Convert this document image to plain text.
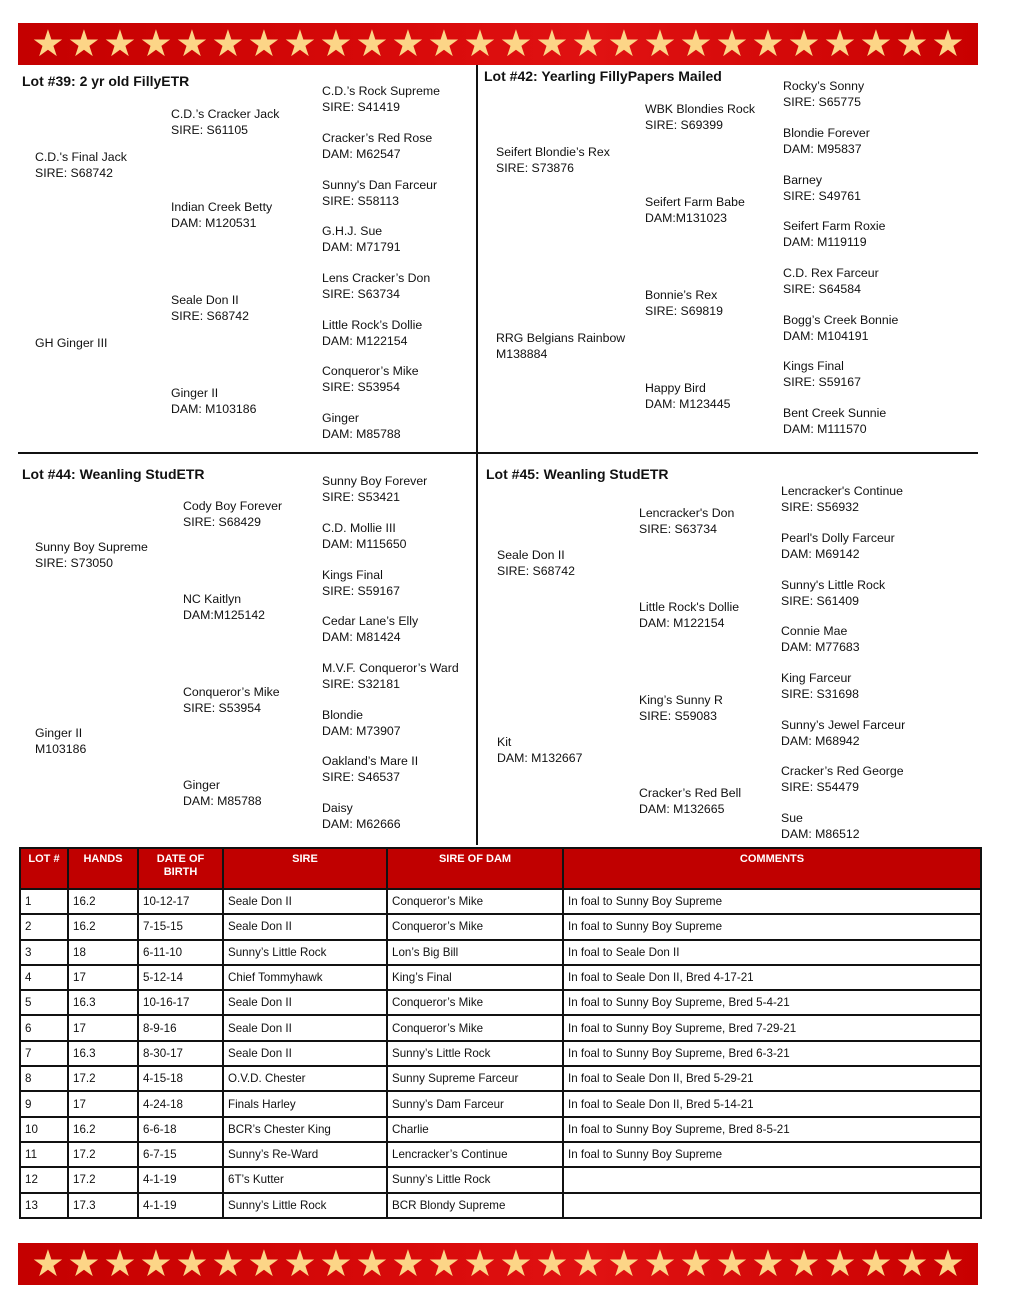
★ ★ ★ ★ ★ ★ ★ ★ ★ ★ ★ ★ ★ ★ ★ ★ ★ ★ ★ ★ ★ ★ ★ ★ ★ ★
Lot #39: 2 yr old FillyETR
C.D.'s Final Jack
SIRE: S68742
GH Ginger III
C.D.’s Cracker Jack
SIRE: S61105
Indian Creek Betty
DAM: M120531
Seale Don II
SIRE: S68742
Ginger II
DAM: M103186
C.D.’s Rock Supreme
SIRE: S41419
Cracker’s Red Rose
DAM: M62547
Sunny's Dan Farceur
SIRE: S58113
G.H.J. Sue
DAM: M71791
Lens Cracker’s Don
SIRE: S63734
Little Rock’s Dollie
DAM: M122154
Conqueror’s Mike
SIRE: S53954
Ginger
DAM: M85788
Lot #42: Yearling FillyPapers Mailed
Seifert Blondie’s Rex
SIRE: S73876
RRG Belgians Rainbow
M138884
WBK Blondies Rock
SIRE: S69399
Seifert Farm Babe
DAM:M131023
Bonnie’s Rex
SIRE: S69819
Happy Bird
DAM: M123445
Rocky’s Sonny
SIRE: S65775
Blondie Forever
DAM: M95837
Barney
SIRE: S49761
Seifert Farm Roxie
DAM: M119119
C.D. Rex Farceur
SIRE: S64584
Bogg’s Creek Bonnie
DAM: M104191
Kings Final
SIRE: S59167
Bent Creek Sunnie
DAM: M111570
Lot #44: Weanling StudETR
Sunny Boy Supreme
SIRE: S73050
Ginger II
M103186
Cody Boy Forever
SIRE: S68429
NC Kaitlyn
DAM:M125142
Conqueror’s Mike
SIRE: S53954
Ginger
DAM: M85788
Sunny Boy Forever
SIRE: S53421
C.D. Mollie III
DAM: M115650
Kings Final
SIRE: S59167
Cedar Lane’s Elly
DAM: M81424
M.V.F. Conqueror’s Ward
SIRE: S32181
Blondie
DAM: M73907
Oakland’s Mare II
SIRE: S46537
Daisy
DAM: M62666
Lot #45: Weanling StudETR
Seale Don II
SIRE: S68742
Kit
DAM: M132667
Lencracker's Don
SIRE: S63734
Little Rock's Dollie
DAM: M122154
King’s Sunny R
SIRE: S59083
Cracker’s Red Bell
DAM: M132665
Lencracker's Continue
SIRE: S56932
Pearl's Dolly Farceur
DAM: M69142
Sunny's Little Rock
SIRE: S61409
Connie Mae
DAM: M77683
King Farceur
SIRE: S31698
Sunny’s Jewel Farceur
DAM: M68942
Cracker’s Red George
SIRE: S54479
Sue
DAM: M86512
LOT #	HANDS	DATE OF BIRTH	SIRE	SIRE OF DAM	COMMENTS
1	16.2	10-12-17	Seale Don II	Conqueror’s Mike	In foal to Sunny Boy Supreme
2	16.2	7-15-15	Seale Don II	Conqueror’s Mike	In foal to Sunny Boy Supreme
3	18	6-11-10	Sunny’s Little Rock	Lon’s Big Bill	In foal to Seale Don II
4	17	5-12-14	Chief Tommyhawk	King’s Final	In foal to Seale Don II, Bred 4-17-21
5	16.3	10-16-17	Seale Don II	Conqueror’s Mike	In foal to Sunny Boy Supreme, Bred 5-4-21
6	17	8-9-16	Seale Don II	Conqueror’s Mike	In foal to Sunny Boy Supreme, Bred 7-29-21
7	16.3	8-30-17	Seale Don II	Sunny’s Little Rock	In foal to Sunny Boy Supreme, Bred 6-3-21
8	17.2	4-15-18	O.V.D. Chester	Sunny Supreme Farceur	In foal to Seale Don II, Bred 5-29-21
9	17	4-24-18	Finals Harley	Sunny’s Dam Farceur	In foal to Seale Don II, Bred 5-14-21
10	16.2	6-6-18	BCR’s Chester King	Charlie	In foal to Sunny Boy Supreme, Bred 8-5-21
11	17.2	6-7-15	Sunny’s Re-Ward	Lencracker’s Continue	In foal to Sunny Boy Supreme
12	17.2	4-1-19	6T’s Kutter	Sunny’s Little Rock	
13	17.3	4-1-19	Sunny’s Little Rock	BCR Blondy Supreme	
★ ★ ★ ★ ★ ★ ★ ★ ★ ★ ★ ★ ★ ★ ★ ★ ★ ★ ★ ★ ★ ★ ★ ★ ★ ★
